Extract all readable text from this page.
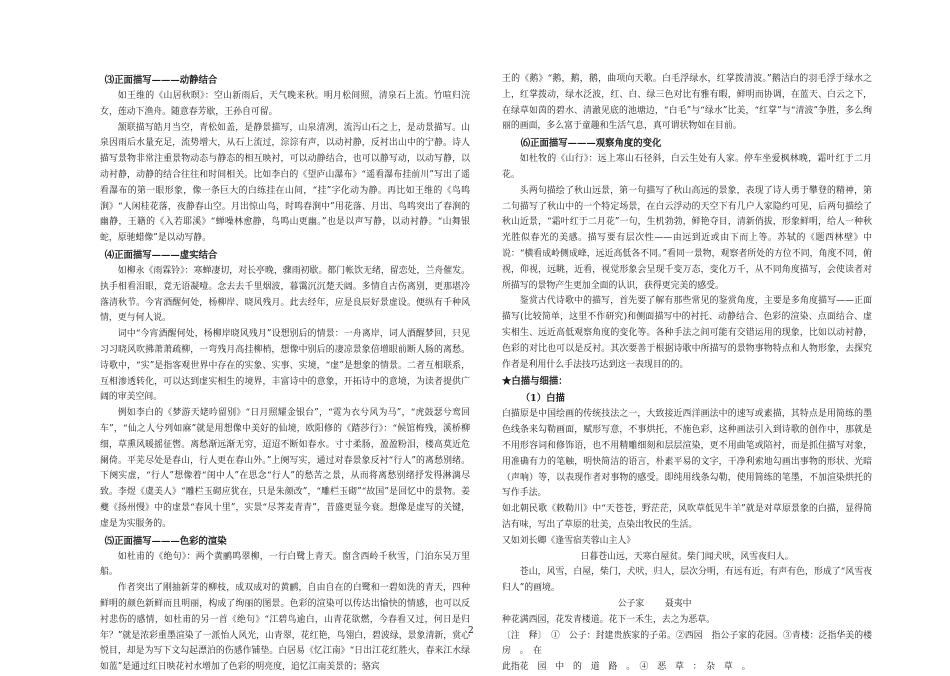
⑶正面描写———动静结合

如王维的《山居秋暝》：空山新雨后，天气晚来秋。明月松间照，清泉石上流。竹喧归浣女，莲动下渔舟。随意春芳歇，王孙自可留。

颔联描写皓月当空，青松如盖，是静景描写，山泉清冽，流泻山石之上，是动景描写。山泉因雨后水量充足，流势增大，从石上流过，淙淙有声，以动衬静，反衬出山中的宁静。诗人描写景物非常注重景物动态与静态的相互映衬，可以动静结合，也可以静写动，以动写静，以动衬静，动静的结合往往和时间相关。比如李白的《望庐山瀑布》“遥看瀑布挂前川”写出了遥看瀑布的第一眼形象，像一条巨大的白练挂在山间，“挂”字化动为静。再比如王维的《鸟鸣涧》“人闲桂花落，夜静春山空。月出惊山鸟，时鸣春涧中”用花落、月出、鸟鸣突出了春涧的幽静，王籍的《入若耶溪》“蝉噪林愈静，鸟鸣山更幽。”也是以声写静，以动衬静。“山舞银蛇，原驰蜡像”是以动写静。

⑷正面描写———虚实结合

如柳永《雨霖铃》：寒蝉凄切，对长亭晚，骤雨初歇。都门帐饮无绪，留恋处，兰舟催发。执手相看泪眼，竟无语凝噎。念去去千里烟波，暮霭沉沉楚天阔。多情自古伤离别，更那堪冷落清秋节。今宵酒醒何处，杨柳岸、晓风残月。此去经年，应是良辰好景虚设。便纵有千种风情，更与何人说。

词中“今宵酒醒何处，杨柳岸晓风残月”设想别后的情景：一舟离岸，词人酒醒梦回，只见习习晓风吹拂萧萧疏柳，一弯残月高挂柳梢，想像中别后的凄凉景象倍增眼前断人肠的离愁。诗歌中，“实”是指客观世界中存在的实象、实事、实境，“虚”是想象的情景。二者互相联系，互相渗透转化，可以达到虚实相生的境界，丰富诗中的意象，开拓诗中的意境，为读者提供广阔的审美空间。

例如李白的《梦游天姥吟留别》“日月照耀金银台”，“霓为衣兮风为马”，“虎鼓瑟兮鸾回车”，“仙之人兮列如麻”就是用想像中美好的仙境，欧阳修的《踏莎行》：“候馆梅残，溪桥柳细，草熏风暖摇征辔。离愁渐远渐无穷，迢迢不断如春水。寸寸柔肠，盈盈粉泪，楼高莫近危阑倚。平芜尽处是春山，行人更在春山外。”上阕写实，通过对春景象反衬“行人”的离愁别绪。下阕实虚，“行人”想像着“闺中人”在思念“行人”的愁苦之景，从而将离愁别绪抒发得淋漓尽致。李煜《虞美人》“雕栏玉砌应犹在，只是朱颜改”，“雕栏玉砌”“故国”是回忆中的景物。姜夔《扬州慢》中的虚景“春风十里”，实景“尽荠麦青青”，昔盛更显今衰。想像是虚写的关键，虚是为实服务的。

⑸正面描写———色彩的渲染

如杜甫的《绝句》：两个黄鹂鸣翠柳，一行白鹭上青天。窗含西岭千秋雪，门泊东吴万里船。

作者突出了刚抽新芽的柳枝，成双成对的黄鹂，自由自在的白鹭和一碧如洗的青天，四种鲜明的颜色新鲜而且明丽，构成了绚丽的图景。色彩的渲染可以传达出愉快的情感，也可以反衬悲伤的感情，如杜甫的另一首《绝句》“江碧鸟逾白，山青花欲燃，今春看又过，何日是归年？”就是浓彩重墨渲染了一派怡人风光，山青翠，花红艳，鸟翎白，碧波绿，景象清新，赏心悦目，却是为写下文勾起漂泊的伤感作铺垫。白居易《忆江南》“日出江花红胜火，春来江水绿如蓝”是通过红日映花衬水增加了色彩的明亮度，追忆江南美景的；骆宾

王的《鹅》“鹅，鹅，鹅，曲项向天歌。白毛浮绿水，红掌拨清波。”鹅洁白的羽毛浮于绿水之上，红掌拨动，绿水泛波，红、白、绿三色对比有雅有暇，鲜明而协调，在蓝天、白云之下，在绿草如茵的碧水、清澈见底的池塘边，“白毛”与“绿水”比美，“红掌”与“清波”争胜，多么绚丽的画面，多么富于童趣和生活气息，真可谓状物如在目前。

⑹正面描写———观察角度的变化

如杜牧的《山行》：远上寒山石径斜，白云生处有人家。停车坐爱枫林晚，霜叶红于二月花。

头两句描绘了秋山远景，第一句描写了秋山高远的景象，表现了诗人勇于攀登的精神，第二句描写了秋山中的一个特定场景，在白云浮动的天空下有几户人家隐约可见，后两句描绘了秋山近景，“霜叶红于二月花”一句，生机勃勃，鲜艳夺目，清新俏拔，形象鲜明，给人一种秋光胜似春光的美感。描写要有层次性——由远到近或由下而上等。苏轼的《题西林壁》中说：“横看成岭侧成峰，远近高低各不同。”看同一景物，观察者所处的方位不同，角度不同，俯视，仰视，远眺，近看，视觉形象会呈现千变万态，变化万千，从不同角度描写，会使读者对所描写的景物产生更加全面的认识，获得更完美的感受。

鉴赏古代诗歌中的描写，首先要了解有那些常见的鉴赏角度，主要是多角度描写——正面描写(比较简单，这里不作研究)和侧面描写中的衬托、动静结合、色彩的渲染、点面结合、虚实相生、远近高低观察角度的变化等。各种手法之间可能有交错运用的现象，比如以动衬静，色彩的对比也可以是反衬。其次要善于根据诗歌中所描写的景物事物特点和人物形象，去探究作者是利用什么手法技巧达到这一表现目的的。

★白描与细描：
（1）白描

白描原是中国绘画的传统技法之一，大致接近西洋画法中的速写或素描，其特点是用简练的墨色线条来勾勒画面，赋形写意，不事烘托，不施色彩，这种画法引入到诗歌的创作中，那就是不用形容词和修饰语，也不用精雕细刻和层层渲染，更不用曲笔或陪衬，而是抓住描写对象，用准确有力的笔触，明快简洁的语言，朴素平易的文字，干净利索地勾画出事物的形状、光暗（声响）等，以表现作者对事物的感受。即纯用线条勾勒，使用简练的笔墨，不加渲染烘托的写作手法。

如北朝民歌《敕勒川》中“天苍苍，野茫茫，风吹草低见牛羊”就是对草原景象的白描，显得简洁有味，写出了草原的壮美，点染出牧民的生活。

又如刘长卿《逢雪宿芙蓉山主人》

日暮苍山远，天寒白屋贫。柴门闻犬吠，风雪夜归人。

苍山，风雪，白屋，柴门，犬吠，归人，层次分明，有远有近，有声有色，形成了“风雪夜归人”的画境。

公子家 聂夷中

种花满西园，花发青楼道。花下一禾生，去之为恶草。

〔注　释〕　①　公子：封建贵族家的子弟。②西园　指公子家的花园。③青楼：泛指华美的楼房　。　在

此指花　园　中　的　道　路　。　④　恶　草　：　杂　草　。

2
